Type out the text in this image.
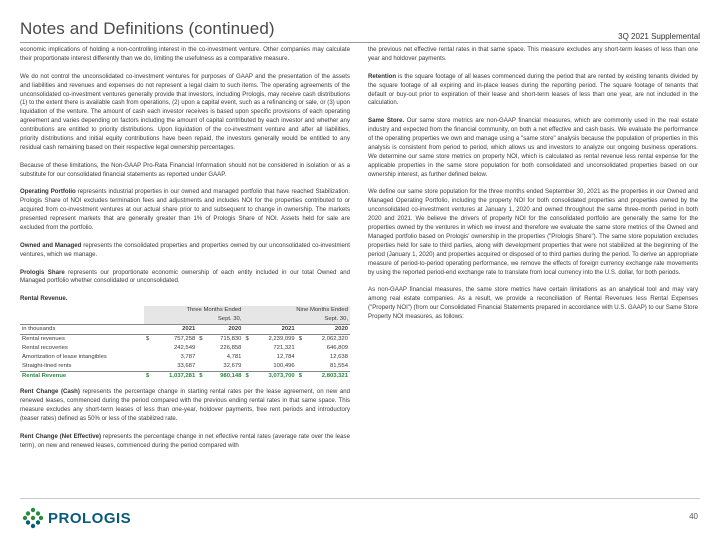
Notes and Definitions (continued)	3Q 2021 Supplemental

economic implications of holding a non-controlling interest in the co-investment venture. Other companies may calculate their proportionate interest differently than we do, limiting the usefulness as a comparative measure.

We do not control the unconsolidated co-investment ventures for purposes of GAAP and the presentation of the assets and liabilities and revenues and expenses do not represent a legal claim to such items. The operating agreements of the unconsolidated co-investment ventures generally provide that investors, including Prologis, may receive cash distributions (1) to the extent there is available cash from operations, (2) upon a capital event, such as a refinancing or sale, or (3) upon liquidation of the venture. The amount of cash each investor receives is based upon specific provisions of each operating agreement and varies depending on factors including the amount of capital contributed by each investor and whether any contributions are entitled to priority distributions. Upon liquidation of the co-investment venture and after all liabilities, priority distributions and initial equity contributions have been repaid, the investors generally would be entitled to any residual cash remaining based on their respective legal ownership percentages.

Because of these limitations, the Non-GAAP Pro-Rata Financial Information should not be considered in isolation or as a substitute for our consolidated financial statements as reported under GAAP.

Operating Portfolio represents industrial properties in our owned and managed portfolio that have reached Stabilization. Prologis Share of NOI excludes termination fees and adjustments and includes NOI for the properties contributed to or acquired from co-investment ventures at our actual share prior to and subsequent to change in ownership. The markets presented represent markets that are generally greater than 1% of Prologis Share of NOI. Assets held for sale are excluded from the portfolio.

Owned and Managed represents the consolidated properties and properties owned by our unconsolidated co-investment ventures, which we manage.

Prologis Share represents our proportionate economic ownership of each entity included in our total Owned and Managed portfolio whether consolidated or unconsolidated.

Rental Revenue.
	Three Months Ended				Nine Months Ended			
	Sept. 30,				Sept. 30,			
in thousands		2021		2020		2021		2020
Rental revenues	$	757,258	$	715,830	$	2,239,099	$	2,062,320
Rental recoveries		242,549		226,858		721,321		646,809
Amortization of lease intangibles		3,787		4,781		12,784		12,638
Straight-lined rents		33,687		32,679		100,496		81,554
Rental Revenue	$	1,037,281	$	980,148	$	3,073,700	$	2,803,321

Rent Change (Cash) represents the percentage change in starting rental rates per the lease agreement, on new and renewed leases, commenced during the period compared with the previous ending rental rates in that same space. This measure excludes any short-term leases of less than one-year, holdover payments, free rent periods and introductory (teaser rates) defined as 50% or less of the stabilized rate.

Rent Change (Net Effective) represents the percentage change in net effective rental rates (average rate over the lease term), on new and renewed leases, commenced during the period compared with

the previous net effective rental rates in that same space. This measure excludes any short-term leases of less than one year and holdover payments.

Retention is the square footage of all leases commenced during the period that are rented by existing tenants divided by the square footage of all expiring and in-place leases during the reporting period. The square footage of tenants that default or buy-out prior to expiration of their lease and short-term leases of less than one year, are not included in the calculation.

Same Store. Our same store metrics are non-GAAP financial measures, which are commonly used in the real estate industry and expected from the financial community, on both a net effective and cash basis. We evaluate the performance of the operating properties we own and manage using a "same store" analysis because the population of properties in this analysis is consistent from period to period, which allows us and investors to analyze our ongoing business operations. We determine our same store metrics on property NOI, which is calculated as rental revenue less rental expense for the applicable properties in the same store population for both consolidated and unconsolidated properties based on our ownership interest, as further defined below.

We define our same store population for the three months ended September 30, 2021 as the properties in our Owned and Managed Operating Portfolio, including the property NOI for both consolidated properties and properties owned by the unconsolidated co-investment ventures at January 1, 2020 and owned throughout the same three-month period in both 2020 and 2021. We believe the drivers of property NOI for the consolidated portfolio are generally the same for the properties owned by the ventures in which we invest and therefore we evaluate the same store metrics of the Owned and Managed portfolio based on Prologis' ownership in the properties ("Prologis Share"). The same store population excludes properties held for sale to third parties, along with development properties that were not stabilized at the beginning of the period (January 1, 2020) and properties acquired or disposed of to third parties during the period. To derive an appropriate measure of period-to-period operating performance, we remove the effects of foreign currency exchange rate movements by using the reported period-end exchange rate to translate from local currency into the U.S. dollar, for both periods.

As non-GAAP financial measures, the same store metrics have certain limitations as an analytical tool and may vary among real estate companies. As a result, we provide a reconciliation of Rental Revenues less Rental Expenses ("Property NOI") (from our Consolidated Financial Statements prepared in accordance with U.S. GAAP) to our Same Store Property NOI measures, as follows:

PROLOGIS	40
